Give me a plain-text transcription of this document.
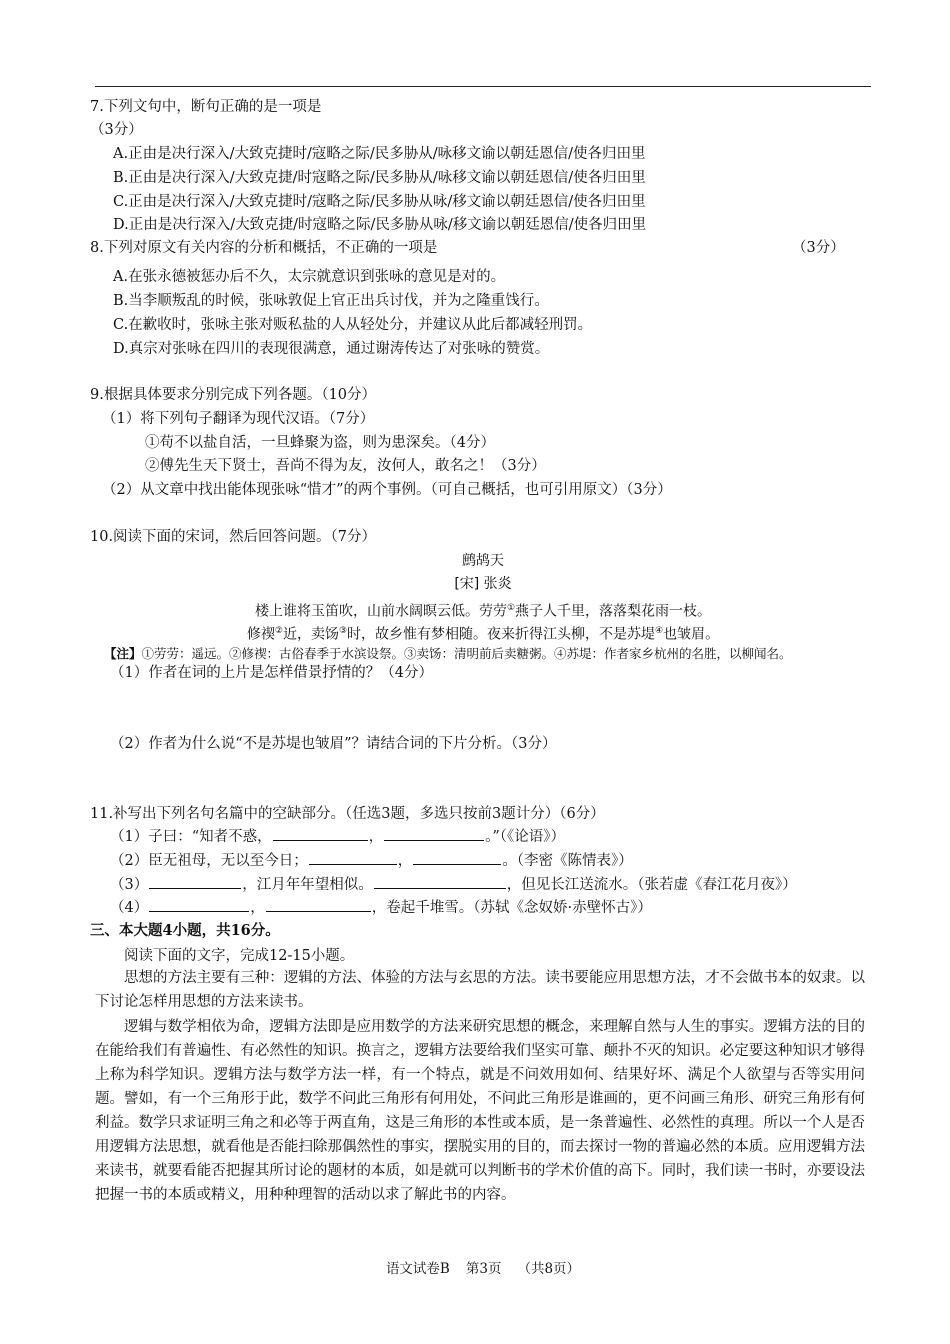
7.下列文句中，断句正确的是一项是
（3分）
A.正由是决行深入/大致克捷时/寇略之际/民多胁从/咏移文谕以朝廷恩信/使各归田里
B.正由是决行深入/大致克捷/时寇略之际/民多胁从/咏移文谕以朝廷恩信/使各归田里
C.正由是决行深入/大致克捷时/寇略之际/民多胁从咏/移文谕以朝廷恩信/使各归田里
D.正由是决行深入/大致克捷/时寇略之际/民多胁从咏/移文谕以朝廷恩信/使各归田里
8.下列对原文有关内容的分析和概括，不正确的一项是	（3分）
A.在张永德被惩办后不久，太宗就意识到张咏的意见是对的。
B.当李顺叛乱的时候，张咏敦促上官正出兵讨伐，并为之隆重饯行。
C.在歉收时，张咏主张对贩私盐的人从轻处分，并建议从此后都减轻刑罚。
D.真宗对张咏在四川的表现很满意，通过谢涛传达了对张咏的赞赏。
9.根据具体要求分别完成下列各题。（10分）
（1）将下列句子翻译为现代汉语。（7分）
①苟不以盐自活，一旦蜂聚为盗，则为患深矣。（4分）
②傅先生天下贤士，吾尚不得为友，汝何人，敢名之！（3分）
（2）从文章中找出能体现张咏“惜才”的两个事例。（可自己概括，也可引用原文）（3分）
10.阅读下面的宋词，然后回答问题。（7分）
鹧鸪天
[宋] 张炎
楼上谁将玉笛吹，山前水阔暝云低。劳劳①燕子人千里，落落梨花雨一枝。
修禊②近，卖饧③时，故乡惟有梦相随。夜来折得江头柳，不是苏堤④也皱眉。
【注】①劳劳：遥远。②修禊：古俗春季于水滨设祭。③卖饧：清明前后卖糖粥。④苏堤：作者家乡杭州的名胜，以柳闻名。
（1）作者在词的上片是怎样借景抒情的？（4分）
（2）作者为什么说“不是苏堤也皱眉”？请结合词的下片分析。（3分）
11.补写出下列名句名篇中的空缺部分。（任选3题，多选只按前3题计分）（6分）
（1）子曰：“知者不惑，	，	。”（《论语》）
（2）臣无祖母，无以至今日；	，	。（李密《陈情表》）
（3）	，江月年年望相似。	，但见长江送流水。（张若虚《春江花月夜》）
（4）	，	，卷起千堆雪。（苏轼《念奴娇·赤壁怀古》）
三、本大题4小题，共16分。
阅读下面的文字，完成12-15小题。
思想的方法主要有三种：逻辑的方法、体验的方法与玄思的方法。读书要能应用思想方法，才不会做书本的奴隶。以下讨论怎样用思想的方法来读书。
逻辑与数学相依为命，逻辑方法即是应用数学的方法来研究思想的概念，来理解自然与人生的事实。逻辑方法的目的在能给我们有普遍性、有必然性的知识。换言之，逻辑方法要给我们坚实可靠、颠扑不灭的知识。必定要这种知识才够得上称为科学知识。逻辑方法与数学方法一样，有一个特点，就是不问效用如何、结果好坏、满足个人欲望与否等实用问题。譬如，有一个三角形于此，数学不问此三角形有何用处，不问此三角形是谁画的，更不问画三角形、研究三角形有何利益。数学只求证明三角之和必等于两直角，这是三角形的本性或本质，是一条普遍性、必然性的真理。所以一个人是否用逻辑方法思想，就看他是否能扫除那偶然性的事实，摆脱实用的目的，而去探讨一物的普遍必然的本质。应用逻辑方法来读书，就要看能否把握其所讨论的题材的本质，如是就可以判断书的学术价值的高下。同时，我们读一书时，亦要设法把握一书的本质或精义，用种种理智的活动以求了解此书的内容。
语文试卷B 第3页 （共8页）
